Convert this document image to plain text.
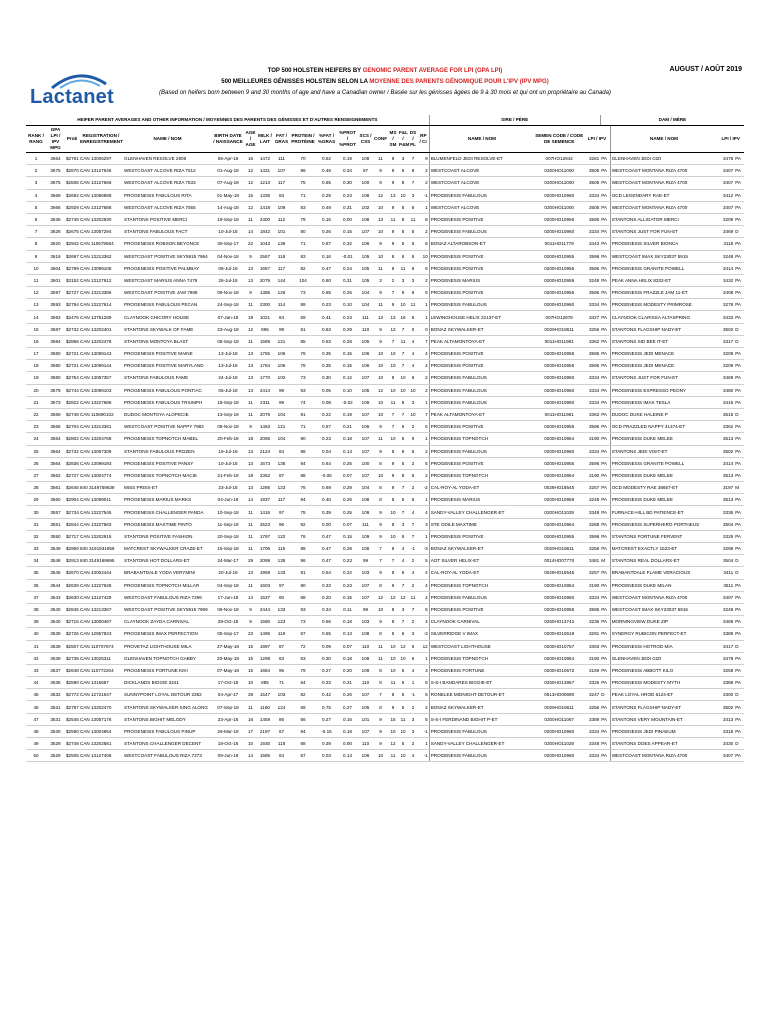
Lactanet
AUGUST / AOÛT 2019
TOP 500 HOLSTEIN HEIFERS BY GENOMIC PARENT AVERAGE FOR LPI (GPA LPI)
500 MEILLEURES GÉNISSES HOLSTEIN SELON LA MOYENNE DES PARENTS GÉNOMIQUE POUR L'IPV (IPV MPG)
(Based on heifers born between 9 and 30 months of age and have a Canadian owner / Basée sur les génisses âgées de 9 à 30 mois et qui ont un propriétaire au Canada)
HEIFER PARENT AVERAGES AND OTHER INFORMATION / MOYENNES DES PARENTS DES GÉNISSES ET D'AUTRES RENSEIGNEMENTS																		SIRE / PÈRE			DAM / MÈRE			
RANK / RANG	GPA LPI / IPV MPG	Pro$	REGISTRATION / ENREGISTREMENT	NAME / NOM	BIRTH DATE / NAISSANCE	AGE / AGE	MILK / LAIT	FAT / GRAS	PROTEIN / PROTÉINE	%FAT / %GRAS	%PROT / %PROT	SCS / CSS	CONF	MS / SM	F&L / P&M	DS / PL	RP / Cr	NAME / NOM	SEMEN CODE / CODE DE SEMENCE	LPI / IPV		NAME / NOM	LPI / IPV	
1	3664	$2781	CAN 13005297	GLENHAVEN RESOLVE 2806	06-Apr-18	16	1472	111	70	0.52	0.19	108	11	9	3	7	9	BLUMENFELD JEDI RESOLVE-ET	007HO12942	3281	PA	GLENHAVEN JEDI GIZI	3478	PA
2	3675	$2870	CAN 13127645	WESTCOAST ALCOVE RIZA 7512	01-Aug-18	12	1431	107	86	0.48	0.34	97	9	9	5	8	2	WESTCOAST ALCOVE	0200HO11000	3505	PA	WESTCOAST MONTANA RIZA 4700	3407	PA
3	3675	$2836	CAN 13127666	WESTCOAST ALCOVE RIZA 7533	07-Aug-18	12	1213	117	75	0.65	0.30	100	9	9	8	7	2	WESTCOAST ALCOVE	0200HO11000	3505	PA	WESTCOAST MONTANA RIZA 4700	3407	PA
4	3669	$2692	CAN 13086888	PROGENESIS FABULOUS RITA	01-May-18	15	1335	83	71	0.29	0.23	108	12	13	10	3	-1	PROGENESIS FABULOUS	0200HO10960	3334	PA	OCD LEGENDARY RAE-ET	3412	PA
5	3666	$2929	CAN 13127688	WESTCOAST ALCOVE RIZA 7555	14-Aug-18	12	1418	109	83	0.49	0.31	102	10	9	8	6	1	WESTCOAST ALCOVE	0200HO11000	3505	PA	WESTCOAST MONTANA RIZA 4700	3407	PA
6	3636	$2745	CAN 13202930	STANTONS POSITIVE MERCI	18-Sep-18	11	2400	112	79	0.16	0.00	108	13	11	8	11	8	PROGENESIS POSITIVE	0200HO10955	3596	PA	STANTONS ALLIGATOR MERCI	3209	PA
7	3628	$2675	CAN 13057294	STANTONS FABULOUS FACT	10-Jul-18	14	1842	101	80	0.26	0.15	107	10	9	8	5	2	PROGENESIS FABULOUS	0200HO10960	3334	PA	STANTONS JUST FOR FUN-ET	3469	D
8	3620	$2942	CAN 110679584	PROGENESIS ROBSON BEYONCE	30-Sep-17	22	1043	136	71	0.87	0.32	106	9	9	5	5	6	BONAZ ALTAROBSON-ET	0011HO11778	3443	PA	PROGENESIS SILVER BIONCA	3118	PA
9	3619	$2697	CAN 13213362	WESTCOAST POSITIVE SKY5915 7964	04-Nov-18	9	2567	118	83	0.16	-0.01	105	10	8	6	6	10	PROGENESIS POSITIVE	0200HO10955	3596	PA	WESTCOAST IMAX SKY23037 5915	3248	PA
10	3604	$2799	CAN 13099108	PROGENESIS POSITIVE PALMBAY	08-Jul-18	13	1657	117	82	0.47	0.24	105	11	9	11	6	6	PROGENESIS POSITIVE	0200HO10955	3596	PA	PROGENESIS GRANITE POWELL	3414	PA
11	3601	$3152	CAN 13127612	WESTCOAST MARIUS ANNA 7479	26-Jul-18	13	2079	144	104	0.60	0.31	105	3	2	3	3	2	PROGENESIS MARIUS	0200HO10959	3248	PA	PEAK ANNA HELIX 8332-ET	3432	PA
12	3597	$2727	CAN 13213386	WESTCOAST POSITIVE JAM 7988	09-Nov-18	9	1385	126	73	0.65	0.25	104	9	7	9	6	5	PROGENESIS POSITIVE	0200HO10955	3596	PA	PROGENESIS FRAZZLE JAM 11-ET	3408	PA
13	3593	$2794	CAN 13227614	PROGENESIS FABULOUS PECAN	24-Sep-18	11	2300	114	89	0.23	0.10	104	11	9	10	11	1	PROGENESIS FABULOUS	0200HO10960	3334	PA	PROGENESIS MODESTY PRIMROSE	3278	PA
14	3593	$2476	CAN 13751289	CLAYNOOK CHICORY HOUSE	07-Jan-18	19	1021	84	59	0.41	0.23	111	13	13	16	5	1	LEWINGHOUSE HELIX 22137-ET	007HO12978	3427	PA	CLAYNOOK CLARISSA ALTASPRING	3433	PA
15	3587	$2732	CAN 13202401	STANTONS SKYWALK OF FAME	23-Aug-18	12	865	99	61	0.63	0.29	110	9	12	7	0	0	BONAZ SKYWALKER-ET	0029HO18611	3256	PA	STANTONS FLAGSHIP NADY-ET	3502	D
16	3584	$2856	CAN 13202478	STANTONS MONTOYA BLAST	08-Sep-18	11	1589	121	85	0.53	0.28	105	9	7	11	4	7	PEAK ALTAMONTOYA-ET	0011HO11981	3362	PA	STANTONS SID BEE IT-ET	3317	D
17	3580	$2721	CAN 13099143	PROGENESIS POSITIVE MAINE	13-Jul-18	13	1765	106	76	0.35	0.15	106	10	10	7	4	4	PROGENESIS POSITIVE	0200HO10955	3596	PA	PROGENESIS JEDI MENACE	3209	PA
18	3580	$2721	CAN 13099144	PROGENESIS POSITIVE MARYLAND	13-Jul-18	13	1784	106	76	0.35	0.15	106	10	10	7	4	4	PROGENESIS POSITIVE	0200HO10955	3596	PA	PROGENESIS JEDI MENACE	3209	PA
19	3580	$2754	CAN 13057357	STANTONS FABULOUS FAME	24-Jul-18	13	1770	102	73	0.30	0.12	107	10	8	10	6	2	PROGENESIS FABULOUS	0200HO10960	3334	PA	STANTONS JUST FOR FUN-ET	3469	PA
20	3579	$2744	CAN 13099103	PROGENESIS FABULOUS PONTIAC	05-Jul-18	13	2414	99	93	0.05	0.10	105	12	10	10	10	2	PROGENESIS FABULOUS	0200HO10960	3334	PA	PROGENESIS EXPRESSO PEONY	3480	PA
21	3573	$2822	CAN 13227688	PROGENESIS FABULOUS TRIUMPH	18-Sep-18	11	2311	99	74	0.08	-0.02	109	10	11	8	3	1	PROGENESIS FABULOUS	0200HO10960	3334	PA	PROGENESIS IMAX TESLA	3416	PA
22	3569	$2748	CAN 110690102	DUDOC MONTOYA ALOPECIE	13-Sep-16	11	2079	104	91	0.22	0.19	107	10	7	7	10	7	PEAK ALTAMONTOYA-ET	0011HO11981	3362	PA	DUDOC DUKE HALEINE P	3516	D
23	3566	$2704	CAN 13213381	WESTCOAST POSITIVE NAPPY 7983	08-Nov-18	9	1463	121	71	0.57	0.21	106	9	7	6	2	6	PROGENESIS POSITIVE	0200HO10955	3596	PA	OCD FRAZZLED NAPPY 41474-ET	3362	PA
24	3564	$2802	CAN 13204768	PROGENESIS TOPNOTCH MABEL	20-Feb-18	18	2085	104	90	0.23	0.18	107	11	10	6	9	1	PROGENESIS TOPNOTCH	0200HO10864	3190	PA	PROGENESIS DUKE MELEE	3513	PA
25	3564	$2732	CAN 13057308	STANTONS FABULOUS FROZEN	19-Jul-18	13	2124	84	86	0.04	0.13	107	9	8	9	6	2	PROGENESIS FABULOUS	0200HO10960	3334	PA	STANTONS JEDI VISIT-ET	3502	PA
26	3564	$2836	CAN 13099193	PROGENESIS POSITIVE PANSY	10-Jul-18	13	1673	136	84	0.64	0.25	100	8	9	5	2	5	PROGENESIS POSITIVE	0200HO10955	3596	PA	PROGENESIS GRANITE POWELL	3414	PA
27	3562	$2727	CAN 13004774	PROGENESIS TOPNOTCH MACIE	21-Feb-18	18	2362	87	88	-0.05	0.07	107	10	9	8	6	2	PROGENESIS TOPNOTCH	0200HO10864	3190	PA	PROGENESIS DUKE MELEE	3513	PA
28	3561	$2645	840 3149759639	MISS PRISS-ET	23-Jul-18	13	1286	123	76	0.69	0.29	104	8	9	7	2	-2	CAL-ROY-AL YODA-ET	0029HO18545	3257	PA	OCD MODESTY RAE 38657-ET	3197	M
29	3560	$2904	CAN 13099011	PROGENESIS MARIUS MARKS	04-Jun-18	14	1937	117	94	0.40	0.26	108	8	6	5	6	1	PROGENESIS MARIUS	0200HO10959	3248	PA	PROGENESIS DUKE MELEE	3513	PA
30	3557	$2734	CAN 13227546	PROGENESIS CHALLENGER PANDA	10-Sep-18	11	1416	97	75	0.39	0.25	106	9	10	7	4	4	SANDY-VALLEY CHALLENGER-ET	0200HO11028	3348	PA	FURNACE-HILL BD PATIENCE-ET	3336	PA
31	3551	$2844	CAN 13227563	PROGENESIS MAXTIME PINTO	11-Sep-18	11	2523	96	92	0.00	0.07	111	9	8	3	7	3	STE ODILE MAXTIME	0200HO10964	3268	PA	PROGENESIS SUPERHERO PORTHEUS	3504	PA
32	3550	$2717	CAN 13202915	STANTONS POSITIVE FASHION	20-Sep-18	11	1797	122	76	0.47	0.15	109	9	10	5	7	1	PROGENESIS POSITIVE	0200HO10955	3596	PA	STANTONS FORTUNE FERVENT	3329	PA
33	3549	$2959	840 3191931859	MATCREST SKYWALKER CRAZE-ET	15-Sep-18	11	1706	115	89	0.47	0.28	106	7	9	4	-1	-3	BONAZ SKYWALKER-ET	0029HO18611	3256	PA	MATCREST EXACTLY 1523-ET	3298	PA
34	3548	$2913	840 3149169695	STANTONS HOT DOLLARS-ET	24-Mar-17	29	2099	135	96	0.47	0.23	99	7	7	4	2	5	AOT SILVER HELIX-ET	0014HO07770	3481	M	STANTONS REAL DOLLARS-ET	3504	D
35	3545	$2670	CAN 43002444	BRABANTDALE YODA VERYMINI	20-Jul-18	13	1959	133	91	0.54	0.22	103	9	8	6	4	4	CAL-ROY-AL YODA-ET	0029HO18545	3257	PA	BRABANTDALE FLAME VERACIOUS	3411	D
36	3544	$2639	CAN 13227628	PROGENESIS TOPNOTCH MILLAR	04-Sep-18	11	1603	97	80	0.33	0.23	107	8	9	7	2	4	PROGENESIS TOPNOTCH	0200HO10864	3190	PA	PROGENESIS DUKE MILAN	3511	PA
37	3543	$2630	CAN 13127429	WESTCOAST FABULOUS RIZA 7296	17-Jun-18	14	1537	80	68	0.20	0.15	107	12	12	12	11	4	PROGENESIS FABULOUS	0200HO10960	3334	PA	WESTCOAST MONTANA RIZA 4700	3407	PA
38	3540	$2845	CAN 13213367	WESTCOAST POSITIVE SKY5915 7969	06-Nov-18	9	2444	133	93	0.34	0.11	99	10	8	3	7	5	PROGENESIS POSITIVE	0200HO10955	3596	PA	WESTCOAST IMAX SKY23037 5915	3248	PA
39	3540	$2716	CAN 13000467	CLAYNOOK ZAYDA CARNIVAL	28-Oct-18	9	1580	123	73	0.56	0.18	103	9	8	7	2	4	CLAYNOOK CARNIVAL	0250HO13742	3236	PA	MORNINGVIEW DUKE ZIP	3468	PA
40	3539	$2726	CAN 12957823	PROGENESIS IMAX PERFECTION	05-Sep-17	23	1496	119	67	0.55	0.13	108	8	5	6	3	-3	SILVERRIDGE V IMAX	0200HO10619	3291	PA	SYNERGY RUBICON PERFECT-ET	3389	PA
41	3539	$2507	CAN 110707674	PROVETAZ LIGHTHOUSE MILA	27-May-18	15	1997	87	72	0.09	0.07	110	11	10	12	6	12	WESTCOAST LIGHTHOUSE	0200HO10757	3393	PA	PROGENESIS HOTROD MIA	3417	D
42	3539	$2736	CAN 13025311	GLENHAVEN TOPNOTCH GABBY	20-May-18	15	1299	83	63	0.30	0.18	108	11	10	10	6	1	PROGENESIS TOPNOTCH	0200HO10864	3190	PA	GLENHAVEN JEDI GIZI	3478	PA
43	3537	$2648	CAN 110772204	PROGENESIS FORTUNE KIKI	07-May-18	15	1684	95	79	0.27	0.20	109	8	10	5	4	3	PROGENESIS FORTUNE	0200HO10672	3169	PA	PROGENESIS ABBOTT KILO	3258	PA
44	3536	$2590	CAN 1315687	DICKLANDS BIGGIE 3241	17-Oct-18	10	885	71	64	0.33	0.31	110	8	11	5	1	6	S-S-I BANDARES BIGGIE-ET	0250HO13867	3326	PA	PROGENESIS MODESTY MYTH	3389	PA
45	3532	$2772	CAN 12721647	SUNNYPOINT LOYAL DETOUR 2382	04-Apr-17	28	1547	103	82	0.42	0.26	107	7	8	5	-1	5	RONELEE MIDNIGHT DETOUR-ET	0513HO00690	3247	D	PEAK LOYAL HROD 6124-ET	3300	D
46	3531	$2797	CAN 13202470	STANTONS SKYWALKER SING ALONG	07-Sep-18	11	1160	124	69	0.75	0.27	105	8	9	5	2	2	BONAZ SKYWALKER-ET	0029HO18611	3256	PA	STANTONS FLAGSHIP NADY-ET	3502	PA
47	3531	$2545	CAN 13057176	STANTONS BIGHIT MELODY	23-Apr-18	16	1459	86	66	0.27	0.16	101	9	15	11	3	5	S-S-I FERDINAND BIGHIT P-ET	0200HO11067	3389	PA	STANTONS VERY MOUNTAIN-ET	3413	PA
48	3530	$2590	CAN 13004854	PROGENESIS FABULOUS PINUP	26-Mar-18	17	2197	67	94	-0.15	0.18	107	9	10	10	3	-1	PROGENESIS FABULOUS	0200HO10960	3334	PA	PROGENESIS JEDI PINAEUM	3318	PA
49	3529	$2748	CAN 13202581	STANTONS CHALLENGER DECENT	18-Oct-18	10	1930	118	68	0.39	0.00	110	9	12	5	2	1	SANDY-VALLEY CHALLENGER-ET	0200HO11028	3348	PA	STANTONS DOES APPEAR-ET	3430	D
50	3529	$2505	CAN 13127406	WESTCOAST FABULOUS RIZA 7273	09-Jun-18	14	1585	64	67	0.03	0.13	106	10	11	10	4	-1	PROGENESIS FABULOUS	0200HO10960	3334	PA	WESTCOAST MONTANA RIZA 4700	3407	PA
